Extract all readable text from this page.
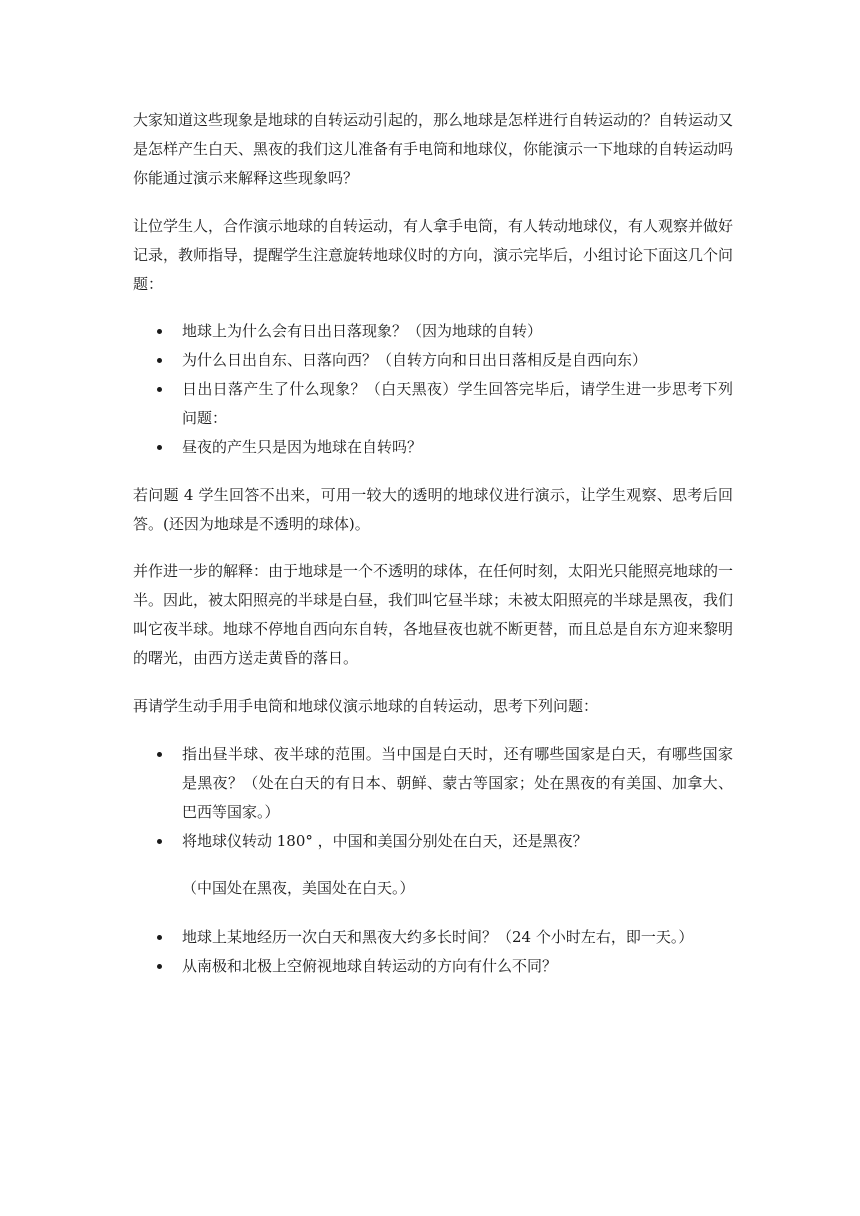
大家知道这些现象是地球的自转运动引起的，那么地球是怎样进行自转运动的？自转运动又是怎样产生白天、黑夜的我们这儿准备有手电筒和地球仪，你能演示一下地球的自转运动吗你能通过演示来解释这些现象吗？

让位学生人，合作演示地球的自转运动，有人拿手电筒，有人转动地球仪，有人观察并做好记录，教师指导，提醒学生注意旋转地球仪时的方向，演示完毕后，小组讨论下面这几个问题：

地球上为什么会有日出日落现象？（因为地球的自转）
为什么日出自东、日落向西？（自转方向和日出日落相反是自西向东）
日出日落产生了什么现象？（白天黑夜）学生回答完毕后，请学生进一步思考下列问题：
昼夜的产生只是因为地球在自转吗？

若问题 4 学生回答不出来，可用一较大的透明的地球仪进行演示，让学生观察、思考后回答。(还因为地球是不透明的球体)。

并作进一步的解释：由于地球是一个不透明的球体，在任何时刻，太阳光只能照亮地球的一半。因此，被太阳照亮的半球是白昼，我们叫它昼半球；未被太阳照亮的半球是黑夜，我们叫它夜半球。地球不停地自西向东自转，各地昼夜也就不断更替，而且总是自东方迎来黎明的曙光，由西方送走黄昏的落日。

再请学生动手用手电筒和地球仪演示地球的自转运动，思考下列问题：

指出昼半球、夜半球的范围。当中国是白天时，还有哪些国家是白天，有哪些国家是黑夜？（处在白天的有日本、朝鲜、蒙古等国家；处在黑夜的有美国、加拿大、巴西等国家。）
将地球仪转动 180° ，中国和美国分别处在白天，还是黑夜？

（中国处在黑夜，美国处在白天。）

地球上某地经历一次白天和黑夜大约多长时间？（24 个小时左右，即一天。）
从南极和北极上空俯视地球自转运动的方向有什么不同？
